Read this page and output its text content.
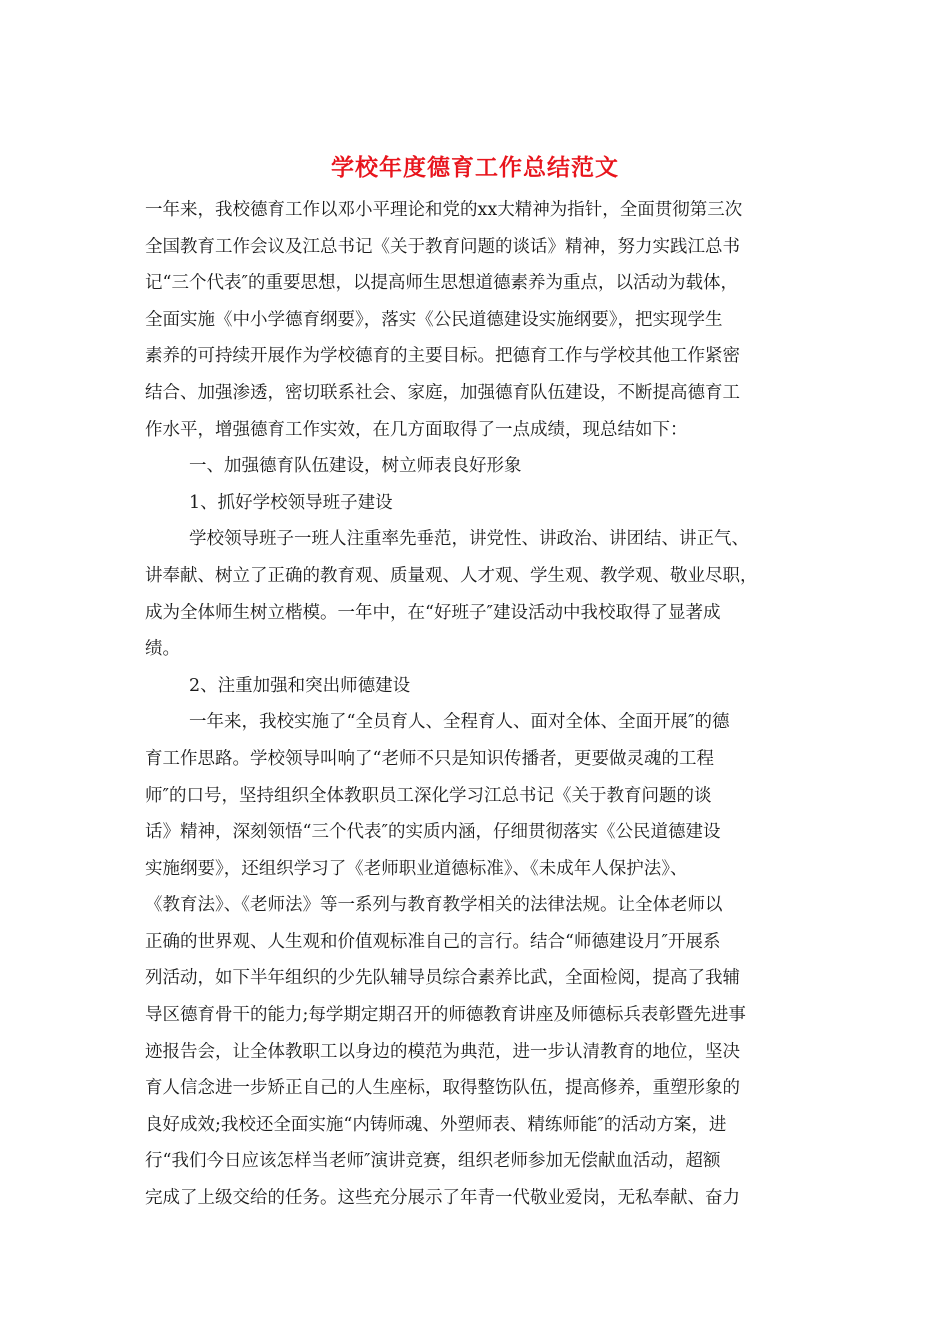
学校年度德育工作总结范文
一年来，我校德育工作以邓小平理论和党的xx大精神为指针，全面贯彻第三次
全国教育工作会议及江总书记《关于教育问题的谈话》精神，努力实践江总书
记“三个代表″的重要思想，以提高师生思想道德素养为重点，以活动为载体，
全面实施《中小学德育纲要》，落实《公民道德建设实施纲要》，把实现学生
素养的可持续开展作为学校德育的主要目标。把德育工作与学校其他工作紧密
结合、加强渗透，密切联系社会、家庭，加强德育队伍建设，不断提高德育工
作水平，增强德育工作实效，在几方面取得了一点成绩，现总结如下：
一、加强德育队伍建设，树立师表良好形象
1、抓好学校领导班子建设
学校领导班子一班人注重率先垂范，讲党性、讲政治、讲团结、讲正气、
讲奉献、树立了正确的教育观、质量观、人才观、学生观、教学观、敬业尽职，
成为全体师生树立楷模。一年中，在“好班子″建设活动中我校取得了显著成
绩。
2、注重加强和突出师德建设
一年来，我校实施了“全员育人、全程育人、面对全体、全面开展″的德
育工作思路。学校领导叫响了“老师不只是知识传播者，更要做灵魂的工程
师″的口号，坚持组织全体教职员工深化学习江总书记《关于教育问题的谈
话》精神，深刻领悟“三个代表″的实质内涵，仔细贯彻落实《公民道德建设
实施纲要》，还组织学习了《老师职业道德标准》、《未成年人保护法》、
《教育法》、《老师法》等一系列与教育教学相关的法律法规。让全体老师以
正确的世界观、人生观和价值观标准自己的言行。结合“师德建设月″开展系
列活动，如下半年组织的少先队辅导员综合素养比武，全面检阅，提高了我辅
导区德育骨干的能力;每学期定期召开的师德教育讲座及师德标兵表彰暨先进事
迹报告会，让全体教职工以身边的模范为典范，进一步认清教育的地位，坚决
育人信念进一步矫正自己的人生座标，取得整饬队伍，提高修养，重塑形象的
良好成效;我校还全面实施“内铸师魂、外塑师表、精练师能″的活动方案，进
行“我们今日应该怎样当老师″演讲竞赛，组织老师参加无偿献血活动，超额
完成了上级交给的任务。这些充分展示了年青一代敬业爱岗，无私奉献、奋力
